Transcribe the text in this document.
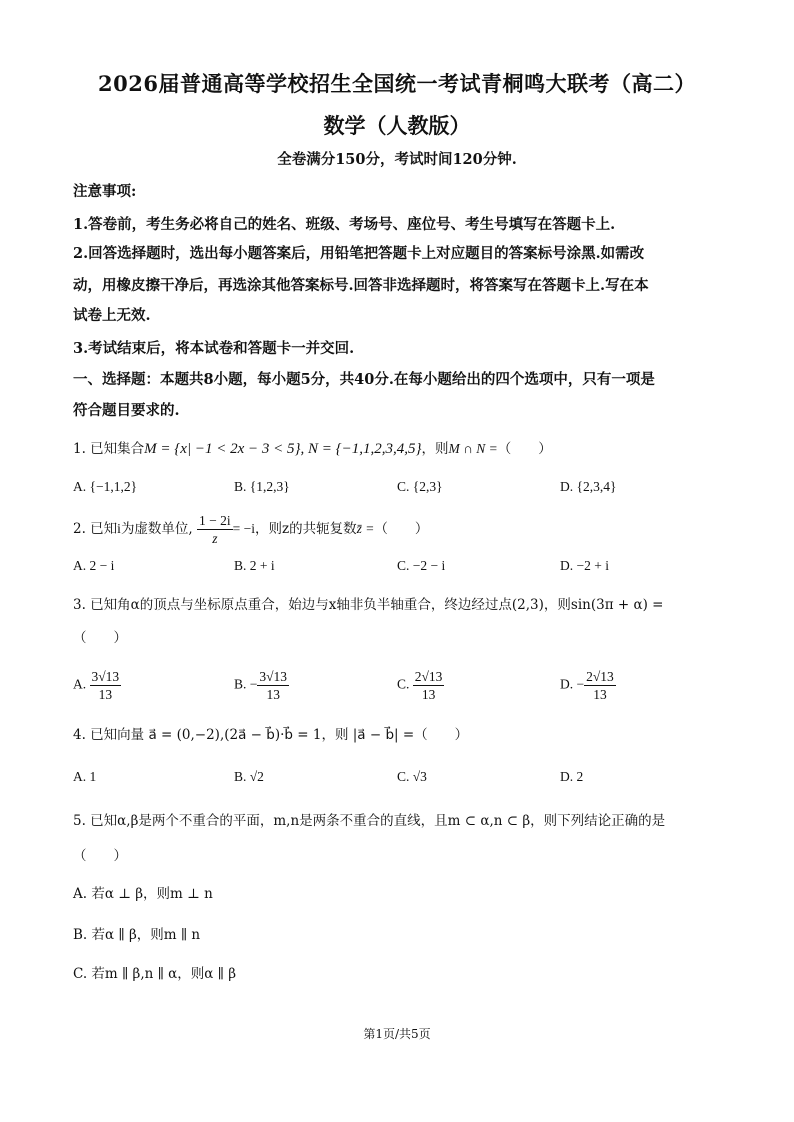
2026届普通高等学校招生全国统一考试青桐鸣大联考（高二）
数学（人教版）
全卷满分150分，考试时间120分钟.
注意事项:
1.答卷前，考生务必将自己的姓名、班级、考场号、座位号、考生号填写在答题卡上.
2.回答选择题时，选出每小题答案后，用铅笔把答题卡上对应题目的答案标号涂黑.如需改
动，用橡皮擦干净后，再选涂其他答案标号.回答非选择题时，将答案写在答题卡上.写在本
试卷上无效.
3.考试结束后，将本试卷和答题卡一并交回.
一、选择题：本题共8小题，每小题5分，共40分.在每小题给出的四个选项中，只有一项是
符合题目要求的.
1. 已知集合M = {x| −1 < 2x − 3 < 5}, N = {−1,1,2,3,4,5}，则M ∩ N =（　　）
A. {−1,1,2}	B. {1,2,3}	C. {2,3}	D. {2,3,4}
2. 已知i为虚数单位, $\frac{1 - 2i}{z} = -i$，则z的共轭复数z̄ =（　　）
A. 2 − i	B. 2 + i	C. −2 − i	D. −2 + i
3. 已知角α的顶点与坐标原点重合，始边与x轴非负半轴重合，终边经过点(2,3)，则sin(3π + α) =
（　　）
A. $\frac{3√13}{13}$	B. − $\frac{3√13}{13}$	C. $\frac{2√13}{13}$	D. − $\frac{2√13}{13}$
4. 已知向量 a⃗ = (0,−2),(2a⃗ − b⃗)·b⃗ = 1，则 |a⃗ − b⃗| =（　　）
A. 1	B. √2	C. √3	D. 2
5. 已知α,β是两个不重合的平面，m,n是两条不重合的直线，且m ⊂ α,n ⊂ β，则下列结论正确的是
（　　）
A. 若α ⊥ β，则m ⊥ n
B. 若α ∥ β，则m ∥ n
C. 若m ∥ β,n ∥ α，则α ∥ β
第1页/共5页
